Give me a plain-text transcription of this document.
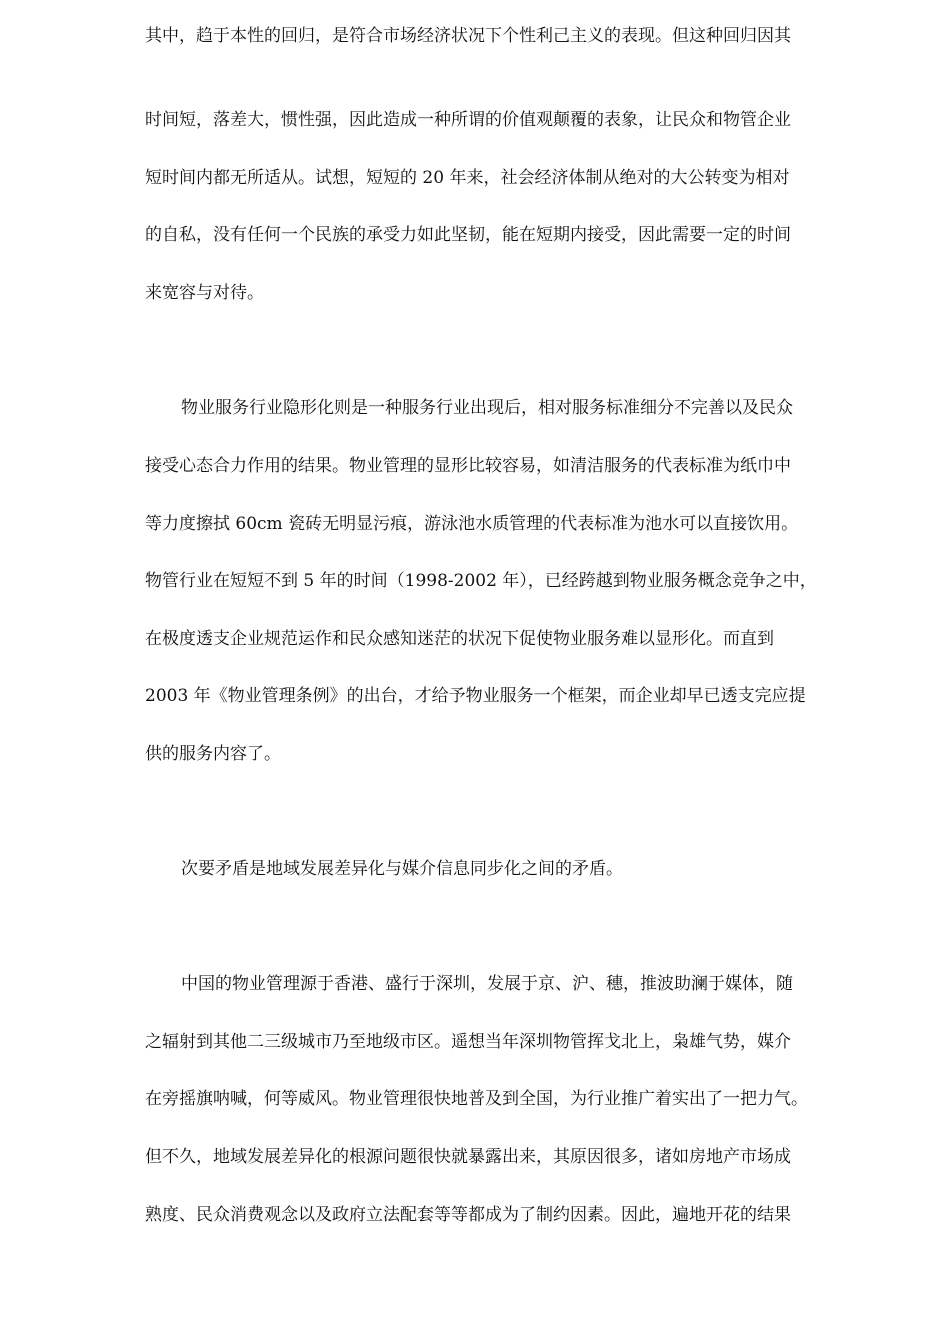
其中，趋于本性的回归，是符合市场经济状况下个性利己主义的表现。但这种回归因其
时间短，落差大，惯性强，因此造成一种所谓的价值观颠覆的表象，让民众和物管企业
短时间内都无所适从。试想，短短的 20 年来，社会经济体制从绝对的大公转变为相对
的自私，没有任何一个民族的承受力如此坚韧，能在短期内接受，因此需要一定的时间
来宽容与对待。
物业服务行业隐形化则是一种服务行业出现后，相对服务标准细分不完善以及民众
接受心态合力作用的结果。物业管理的显形比较容易，如清洁服务的代表标准为纸巾中
等力度擦拭 60cm 瓷砖无明显污痕，游泳池水质管理的代表标准为池水可以直接饮用。
物管行业在短短不到 5 年的时间（1998-2002 年），已经跨越到物业服务概念竞争之中，
在极度透支企业规范运作和民众感知迷茫的状况下促使物业服务难以显形化。而直到
2003 年《物业管理条例》的出台，才给予物业服务一个框架，而企业却早已透支完应提
供的服务内容了。
次要矛盾是地域发展差异化与媒介信息同步化之间的矛盾。
中国的物业管理源于香港、盛行于深圳，发展于京、沪、穗，推波助澜于媒体，随
之辐射到其他二三级城市乃至地级市区。遥想当年深圳物管挥戈北上，枭雄气势，媒介
在旁摇旗呐喊，何等威风。物业管理很快地普及到全国，为行业推广着实出了一把力气。
但不久，地域发展差异化的根源问题很快就暴露出来，其原因很多，诸如房地产市场成
熟度、民众消费观念以及政府立法配套等等都成为了制约因素。因此，遍地开花的结果
